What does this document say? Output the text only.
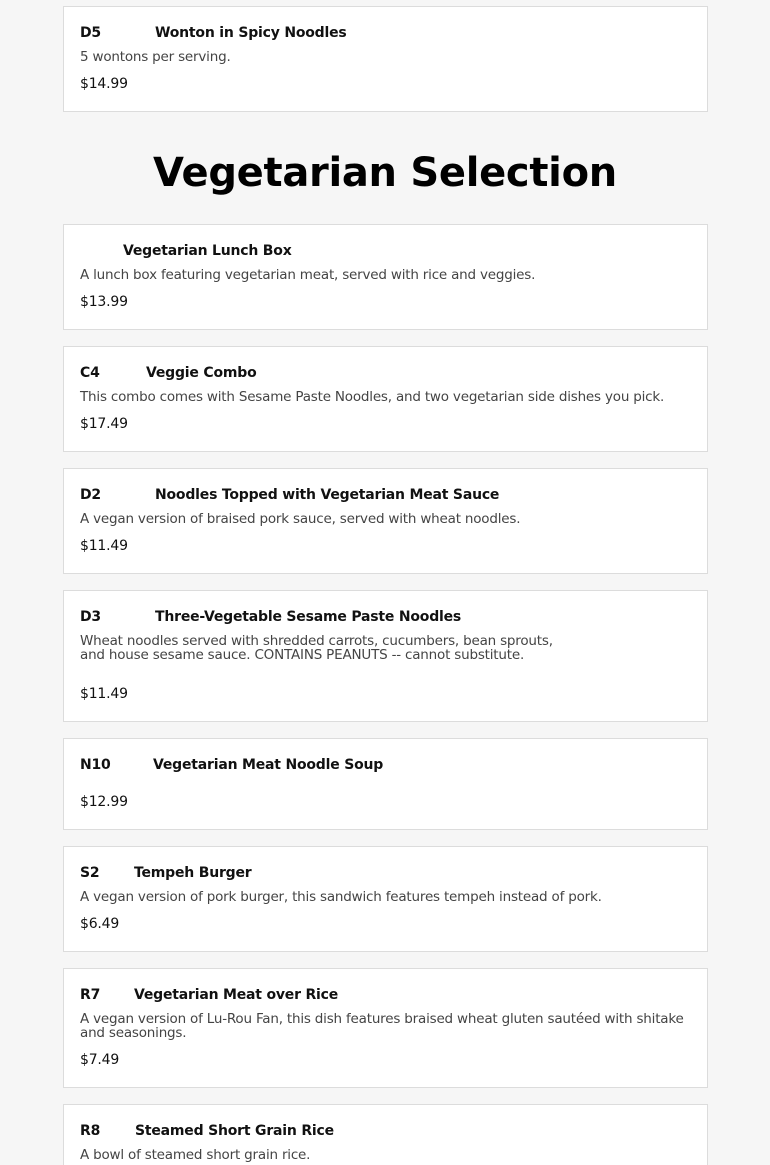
D5	Wonton in Spicy Noodles
5 wontons per serving.
$14.99
Vegetarian Selection
Vegetarian Lunch Box
A lunch box featuring vegetarian meat, served with rice and veggies.
$13.99
C4	Veggie Combo
This combo comes with Sesame Paste Noodles, and two vegetarian side dishes you pick.
$17.49
D2	Noodles Topped with Vegetarian Meat Sauce
A vegan version of braised pork sauce, served with wheat noodles.
$11.49
D3	Three-Vegetable Sesame Paste Noodles
Wheat noodles served with shredded carrots, cucumbers, bean sprouts, and house sesame sauce. CONTAINS PEANUTS -- cannot substitute.
$11.49
N10	Vegetarian Meat Noodle Soup
$12.99
S2	Tempeh Burger
A vegan version of pork burger, this sandwich features tempeh instead of pork.
$6.49
R7	Vegetarian Meat over Rice
A vegan version of Lu-Rou Fan, this dish features braised wheat gluten sautéed with shitake and seasonings.
$7.49
R8	Steamed Short Grain Rice
A bowl of steamed short grain rice.
